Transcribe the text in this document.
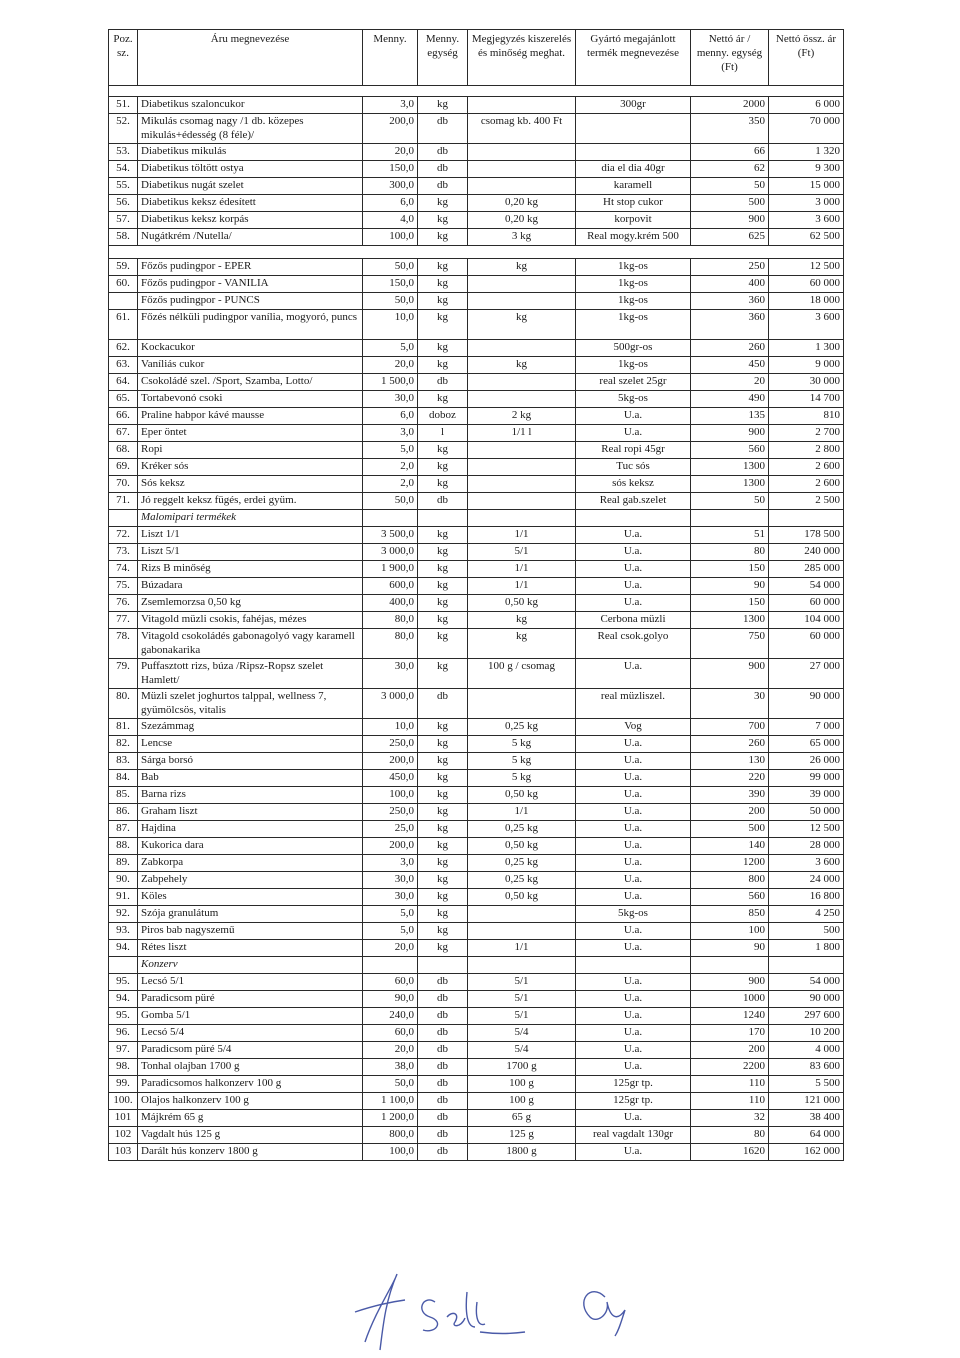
Poz. sz.	Áru megnevezése	Menny.	Menny. egység	Megjegyzés kiszerelés és minőség meghat.	Gyártó megajánlott termék megnevezése	Nettó ár / menny. egység (Ft)	Nettó össz. ár (Ft)

51.	Diabetikus szaloncukor	3,0	kg		300gr	2000	6 000
52.	Mikulás csomag nagy /1 db. közepes mikulás+édesség (8 féle)/	200,0	db	csomag kb. 400 Ft		350	70 000
53.	Diabetikus mikulás	20,0	db			66	1 320
54.	Diabetikus töltött ostya	150,0	db		dia el dia 40gr	62	9 300
55.	Diabetikus nugát szelet	300,0	db		karamell	50	15 000
56.	Diabetikus keksz édesített	6,0	kg	0,20 kg	Ht stop cukor	500	3 000
57.	Diabetikus keksz korpás	4,0	kg	0,20 kg	korpovit	900	3 600
58.	Nugátkrém /Nutella/	100,0	kg	3 kg	Real mogy.krém 500	625	62 500

59.	Főzős pudingpor - EPER	50,0	kg	kg	1kg-os	250	12 500
60.	Főzős pudingpor - VANILIA	150,0	kg		1kg-os	400	60 000
	Főzős pudingpor - PUNCS	50,0	kg		1kg-os	360	18 000
61.	Főzés nélküli pudingpor vanília, mogyoró, puncs	10,0	kg	kg	1kg-os	360	3 600
62.	Kockacukor	5,0	kg		500gr-os	260	1 300
63.	Vaníliás cukor	20,0	kg	kg	1kg-os	450	9 000
64.	Csokoládé szel. /Sport, Szamba, Lotto/	1 500,0	db		real szelet 25gr	20	30 000
65.	Tortabevonó csoki	30,0	kg		5kg-os	490	14 700
66.	Praline habpor kávé mausse	6,0	doboz	2 kg	U.a.	135	810
67.	Eper öntet	3,0	l	1/1 l	U.a.	900	2 700
68.	Ropi	5,0	kg		Real ropi 45gr	560	2 800
69.	Kréker sós	2,0	kg		Tuc sós	1300	2 600
70.	Sós keksz	2,0	kg		sós keksz	1300	2 600
71.	Jó reggelt keksz fügés, erdei gyüm.	50,0	db		Real gab.szelet	50	2 500
	Malomipari termékek						
72.	Liszt 1/1	3 500,0	kg	1/1	U.a.	51	178 500
73.	Liszt 5/1	3 000,0	kg	5/1	U.a.	80	240 000
74.	Rizs B minőség	1 900,0	kg	1/1	U.a.	150	285 000
75.	Búzadara	600,0	kg	1/1	U.a.	90	54 000
76.	Zsemlemorzsa 0,50 kg	400,0	kg	0,50 kg	U.a.	150	60 000
77.	Vitagold müzli csokis, fahéjas, mézes	80,0	kg	kg	Cerbona müzli	1300	104 000
78.	Vitagold csokoládés gabonagolyó vagy karamell gabonakarika	80,0	kg	kg	Real csok.golyo	750	60 000
79.	Puffasztott rizs, búza /Ripsz-Ropsz szelet Hamlett/	30,0	kg	100 g / csomag	U.a.	900	27 000
80.	Müzli szelet joghurtos talppal, wellness 7, gyümölcsös, vitalis	3 000,0	db		real müzliszel.	30	90 000
81.	Szezámmag	10,0	kg	0,25 kg	Vog	700	7 000
82.	Lencse	250,0	kg	5 kg	U.a.	260	65 000
83.	Sárga borsó	200,0	kg	5 kg	U.a.	130	26 000
84.	Bab	450,0	kg	5 kg	U.a.	220	99 000
85.	Barna rizs	100,0	kg	0,50 kg	U.a.	390	39 000
86.	Graham liszt	250,0	kg	1/1	U.a.	200	50 000
87.	Hajdina	25,0	kg	0,25 kg	U.a.	500	12 500
88.	Kukorica dara	200,0	kg	0,50 kg	U.a.	140	28 000
89.	Zabkorpa	3,0	kg	0,25 kg	U.a.	1200	3 600
90.	Zabpehely	30,0	kg	0,25 kg	U.a.	800	24 000
91.	Köles	30,0	kg	0,50 kg	U.a.	560	16 800
92.	Szója granulátum	5,0	kg		5kg-os	850	4 250
93.	Piros bab nagyszemű	5,0	kg		U.a.	100	500
94.	Rétes liszt	20,0	kg	1/1	U.a.	90	1 800
	Konzerv						
95.	Lecsó 5/1	60,0	db	5/1	U.a.	900	54 000
94.	Paradicsom püré	90,0	db	5/1	U.a.	1000	90 000
95.	Gomba 5/1	240,0	db	5/1	U.a.	1240	297 600
96.	Lecsó 5/4	60,0	db	5/4	U.a.	170	10 200
97.	Paradicsom püré 5/4	20,0	db	5/4	U.a.	200	4 000
98.	Tonhal olajban 1700 g	38,0	db	1700 g	U.a.	2200	83 600
99.	Paradicsomos halkonzerv 100 g	50,0	db	100 g	125gr tp.	110	5 500
100.	Olajos halkonzerv 100 g	1 100,0	db	100 g	125gr tp.	110	121 000
101	Májkrém 65 g	1 200,0	db	65 g	U.a.	32	38 400
102	Vagdalt hús 125 g	800,0	db	125 g	real vagdalt 130gr	80	64 000
103	Darált hús konzerv 1800 g	100,0	db	1800 g	U.a.	1620	162 000
